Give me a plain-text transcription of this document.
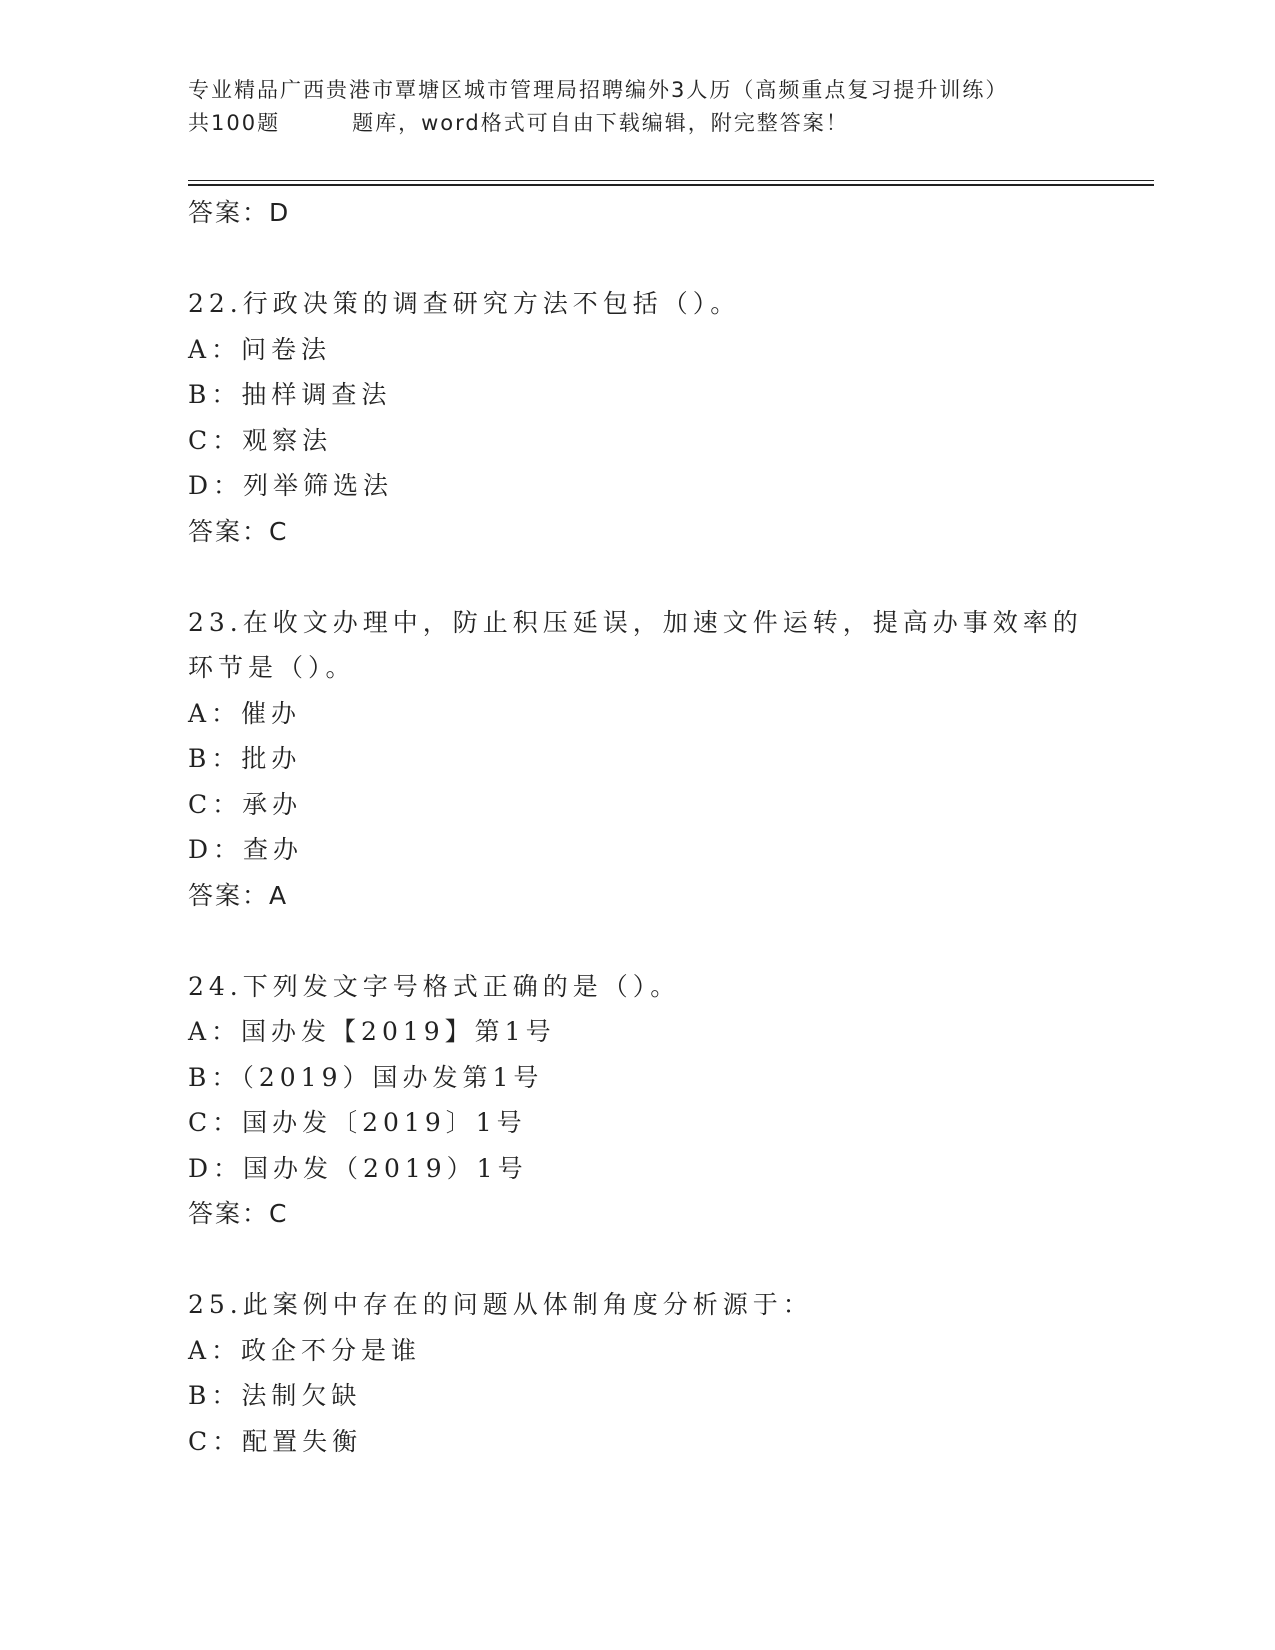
专业精品广西贵港市覃塘区城市管理局招聘编外3人历（高频重点复习提升训练）
共100题	题库，word格式可自由下载编辑，附完整答案！
答案：D
22.行政决策的调查研究方法不包括（）。
A：问卷法
B：抽样调查法
C：观察法
D：列举筛选法
答案：C
23.在收文办理中，防止积压延误，加速文件运转，提高办事效率的环节是（）。
A：催办
B：批办
C：承办
D：查办
答案：A
24.下列发文字号格式正确的是（）。
A：国办发【2019】第1号
B：（2019）国办发第1号
C：国办发〔2019〕1号
D：国办发（2019）1号
答案：C
25.此案例中存在的问题从体制角度分析源于：
A：政企不分是谁
B：法制欠缺
C：配置失衡
